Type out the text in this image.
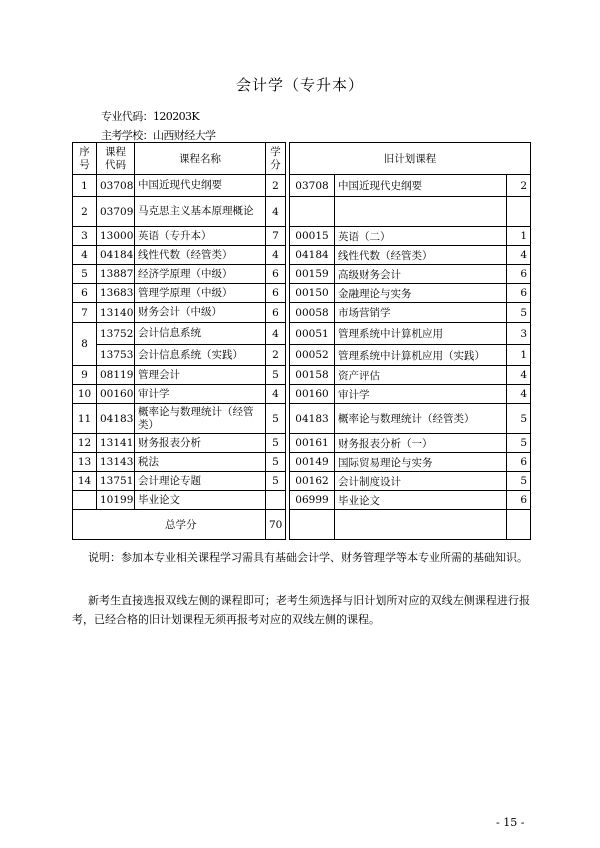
会计学（专升本）
专业代码：120203K
主考学校：山西财经大学
序号	课程代码	课程名称	学分		旧计划课程		
1	03708	中国近现代史纲要	2		03708	中国近现代史纲要	2
2	03709	马克思主义基本原理概论	4				
3	13000	英语（专升本）	7		00015	英语（二）	1
4	04184	线性代数（经管类）	4		04184	线性代数（经管类）	4
5	13887	经济学原理（中级）	6		00159	高级财务会计	6
6	13683	管理学原理（中级）	6		00150	金融理论与实务	6
7	13140	财务会计（中级）	6		00058	市场营销学	5
8	13752	会计信息系统	4		00051	管理系统中计算机应用	3
	13753	会计信息系统（实践）	2		00052	管理系统中计算机应用（实践）	1
9	08119	管理会计	5		00158	资产评估	4
10	00160	审计学	4		00160	审计学	4
11	04183	概率论与数理统计（经管类）	5		04183	概率论与数理统计（经管类）	5
12	13141	财务报表分析	5		00161	财务报表分析（一）	5
13	13143	税法	5		00149	国际贸易理论与实务	6
14	13751	会计理论专题	5		00162	会计制度设计	5
	10199	毕业论文			06999	毕业论文	6
	总学分		70				
说明：参加本专业相关课程学习需具有基础会计学、财务管理学等本专业所需的基础知识。
新考生直接选报双线左侧的课程即可；老考生须选择与旧计划所对应的双线左侧课程进行报考，已经合格的旧计划课程无须再报考对应的双线左侧的课程。
- 15 -
